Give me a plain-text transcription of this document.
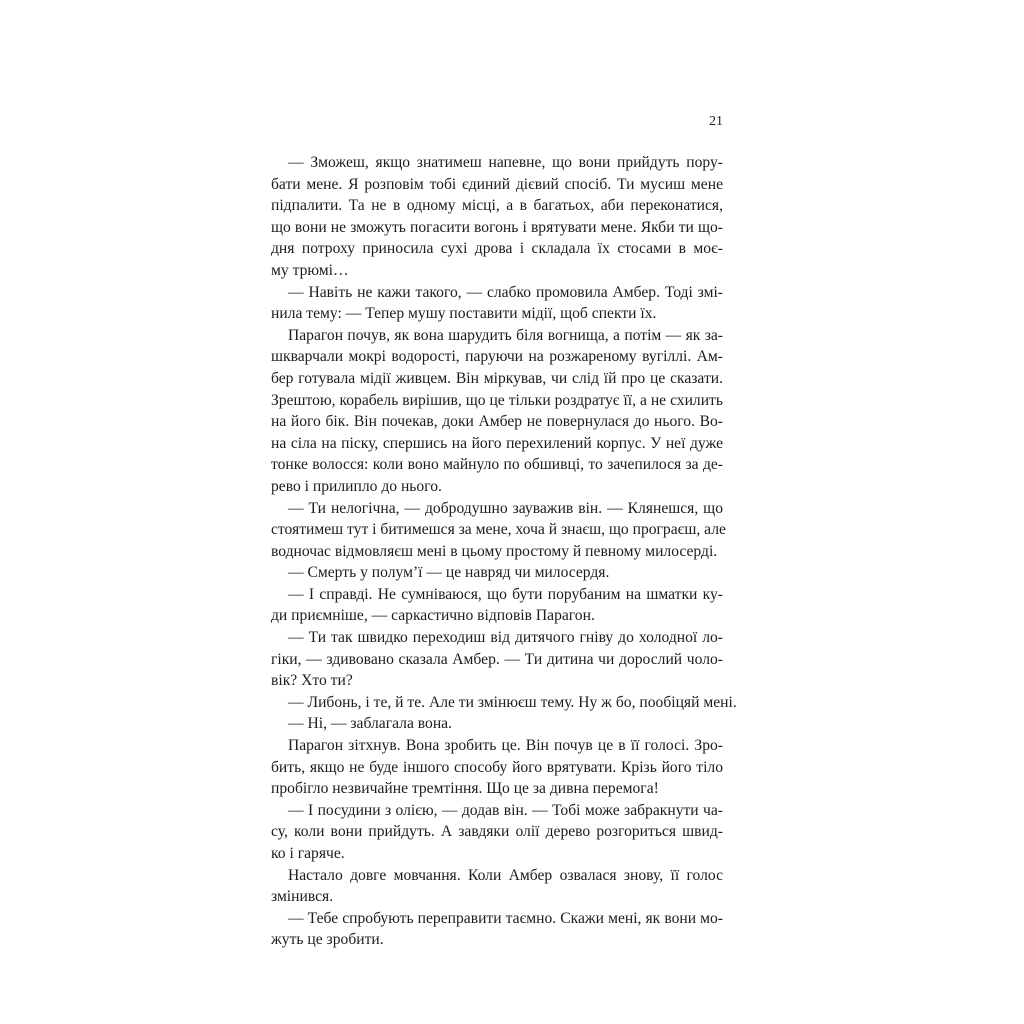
21

— Зможеш, якщо знатимеш напевне, що вони прийдуть пору-
бати мене. Я розповім тобі єдиний дієвий спосіб. Ти мусиш мене
підпалити. Та не в одному місці, а в багатьох, аби переконатися,
що вони не зможуть погасити вогонь і врятувати мене. Якби ти що-
дня потроху приносила сухі дрова і складала їх стосами в моє-
му трюмі…

— Навіть не кажи такого, — слабко промовила Амбер. Тоді змі-
нила тему: — Тепер мушу поставити мідії, щоб спекти їх.

Парагон почув, як вона шарудить біля вогнища, а потім — як за-
шкварчали мокрі водорості, паруючи на розжареному вугіллі. Ам-
бер готувала мідії живцем. Він міркував, чи слід їй про це сказати.
Зрештою, корабель вирішив, що це тільки роздратує її, а не схилить
на його бік. Він почекав, доки Амбер не повернулася до нього. Во-
на сіла на піску, спершись на його перехилений корпус. У неї дуже
тонке волосся: коли воно майнуло по обшивці, то зачепилося за де-
рево і прилипло до нього.

— Ти нелогічна, — добродушно зауважив він. — Клянешся, що
стоятимеш тут і битимешся за мене, хоча й знаєш, що програєш, але
водночас відмовляєш мені в цьому простому й певному милосерді.

— Смерть у полум’ї — це навряд чи милосердя.

— І справді. Не сумніваюся, що бути порубаним на шматки ку-
ди приємніше, — саркастично відповів Парагон.

— Ти так швидко переходиш від дитячого гніву до холодної ло-
гіки, — здивовано сказала Амбер. — Ти дитина чи дорослий чоло-
вік? Хто ти?

— Либонь, і те, й те. Але ти змінюєш тему. Ну ж бо, пообіцяй мені.

— Ні, — заблагала вона.

Парагон зітхнув. Вона зробить це. Він почув це в її голосі. Зро-
бить, якщо не буде іншого способу його врятувати. Крізь його тіло
пробігло незвичайне тремтіння. Що це за дивна перемога!

— І посудини з олією, — додав він. — Тобі може забракнути ча-
су, коли вони прийдуть. А завдяки олії дерево розгориться швид-
ко і гаряче.

Настало довге мовчання. Коли Амбер озвалася знову, її голос
змінився.

— Тебе спробують переправити таємно. Скажи мені, як вони мо-
жуть це зробити.
